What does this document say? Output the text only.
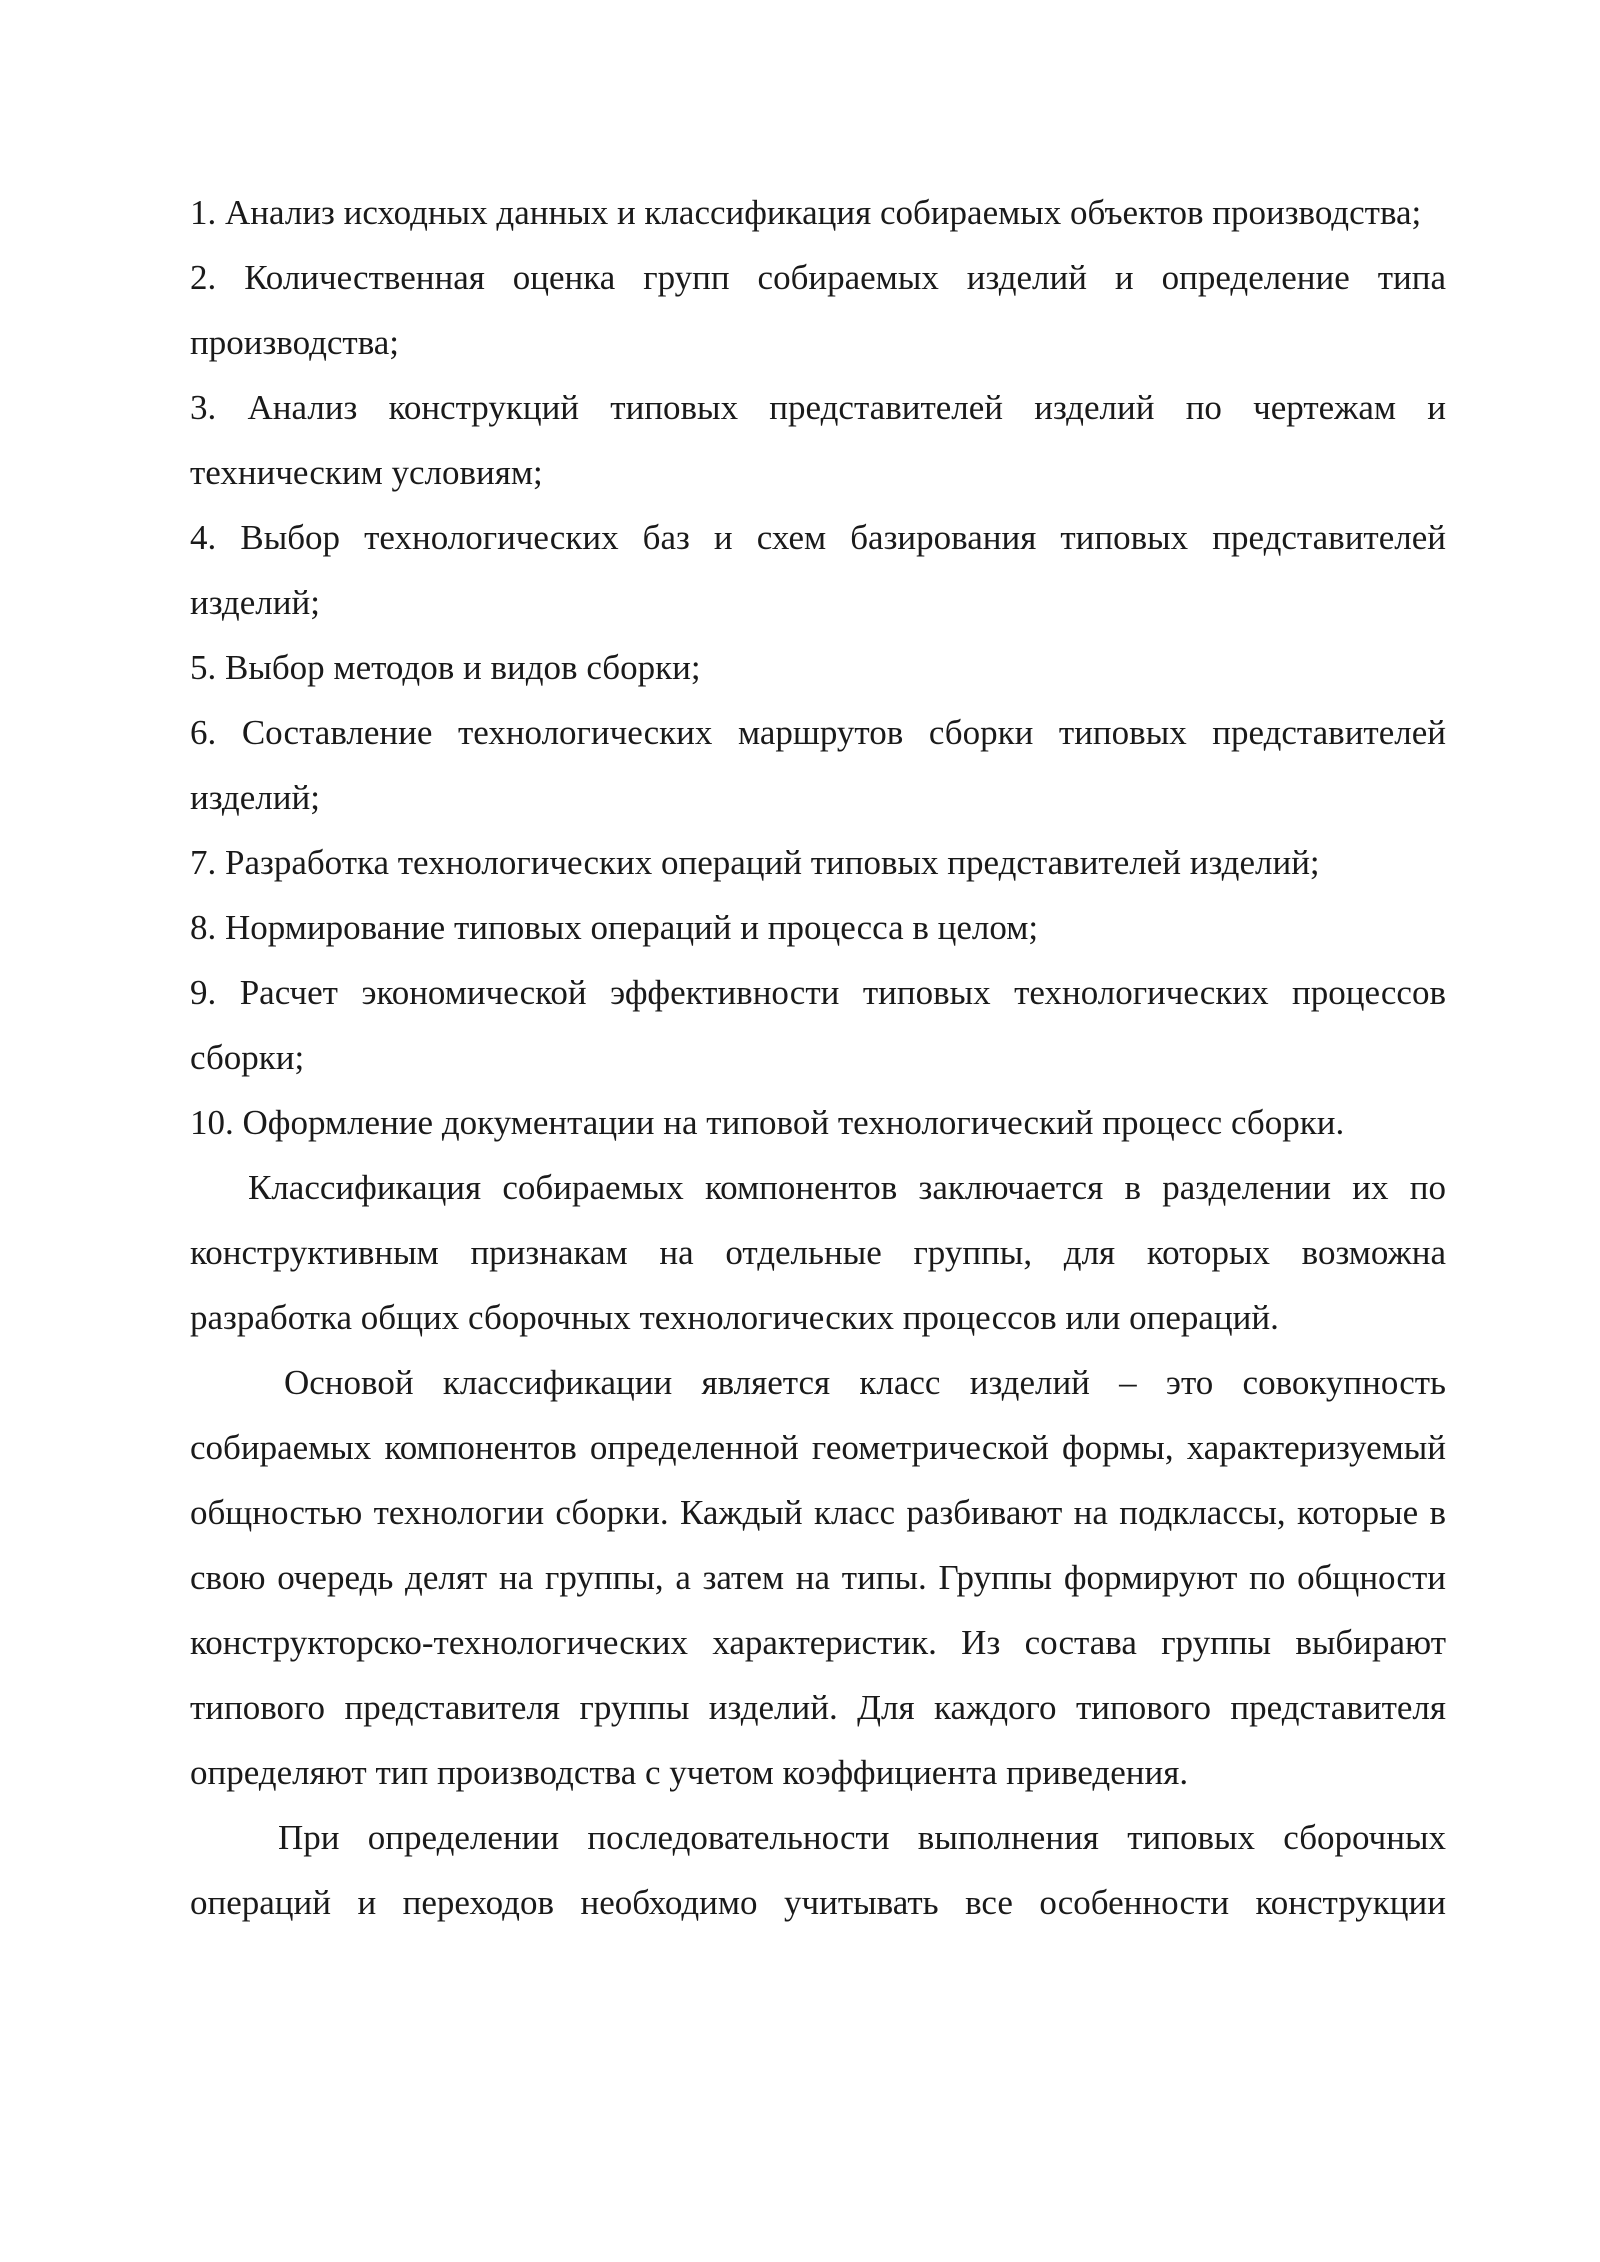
1. Анализ исходных данных и классификация собираемых объектов производства;

2. Количественная оценка групп собираемых изделий и определение типа производства;

3. Анализ конструкций типовых представителей изделий по чертежам и техническим условиям;

4. Выбор технологических баз и схем базирования типовых представителей изделий;

5. Выбор методов и видов сборки;

6. Составление технологических маршрутов сборки типовых представителей изделий;

7. Разработка технологических операций типовых представителей изделий;

8. Нормирование типовых операций и процесса в целом;

9. Расчет экономической эффективности типовых технологических процессов сборки;

10. Оформление документации на типовой технологический процесс сборки.

Классификация собираемых компонентов заключается в разделении их по конструктивным признакам на отдельные группы, для которых возможна разработка общих сборочных технологических процессов или операций.

Основой классификации является класс изделий – это совокупность собираемых компонентов определенной геометрической формы, характеризуемый общностью технологии сборки. Каждый класс разбивают на подклассы, которые в свою очередь делят на группы, а затем на типы. Группы формируют по общности конструкторско-технологических характеристик. Из состава группы выбирают типового представителя группы изделий. Для каждого типового представителя определяют тип производства с учетом коэффициента приведения.

При определении последовательности выполнения типовых сборочных операций и переходов необходимо учитывать все особенности конструкции
